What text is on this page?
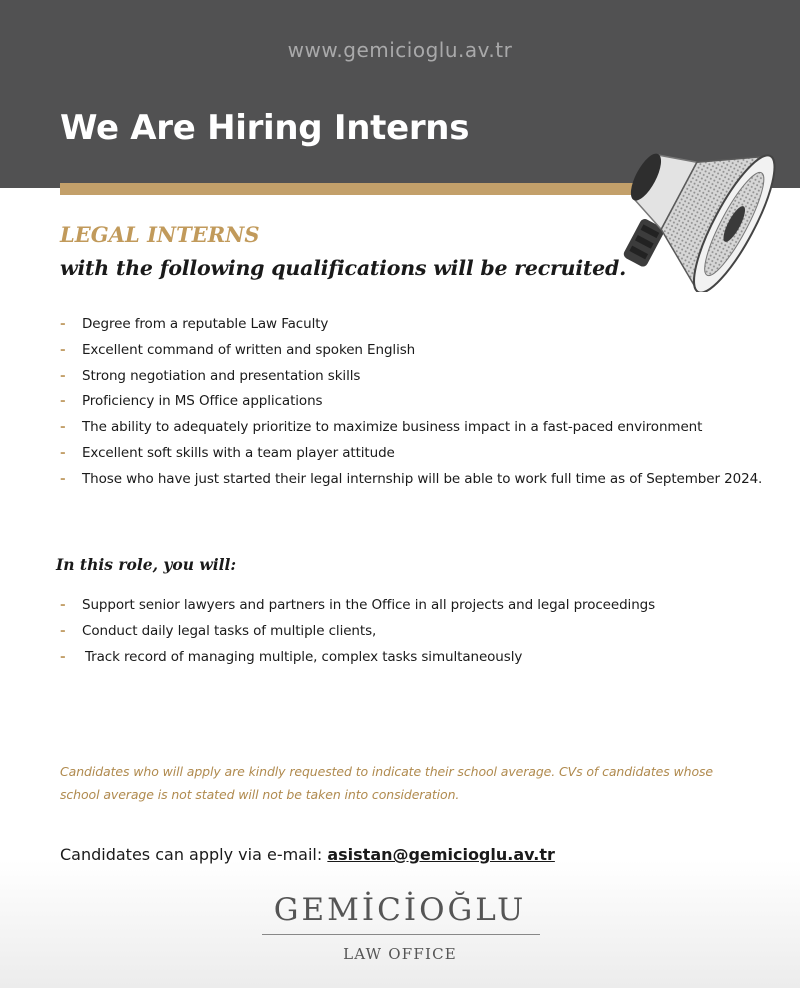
www.gemicioglu.av.tr
We Are Hiring Interns
LEGAL INTERNS
with the following qualifications will be recruited.
- Degree from a reputable Law Faculty
- Excellent command of written and spoken English
- Strong negotiation and presentation skills
- Proficiency in MS Office applications
- The ability to adequately prioritize to maximize business impact in a fast-paced environment
- Excellent soft skills with a team player attitude
- Those who have just started their legal internship will be able to work full time as of September 2024.
In this role, you will:
- Support senior lawyers and partners in the Office in all projects and legal proceedings
- Conduct daily legal tasks of multiple clients,
- Track record of managing multiple, complex tasks simultaneously

Candidates who will apply are kindly requested to indicate their school average. CVs of candidates whose school average is not stated will not be taken into consideration.

Candidates can apply via e-mail: asistan@gemicioglu.av.tr

GEMİCİOĞLU
LAW OFFICE
